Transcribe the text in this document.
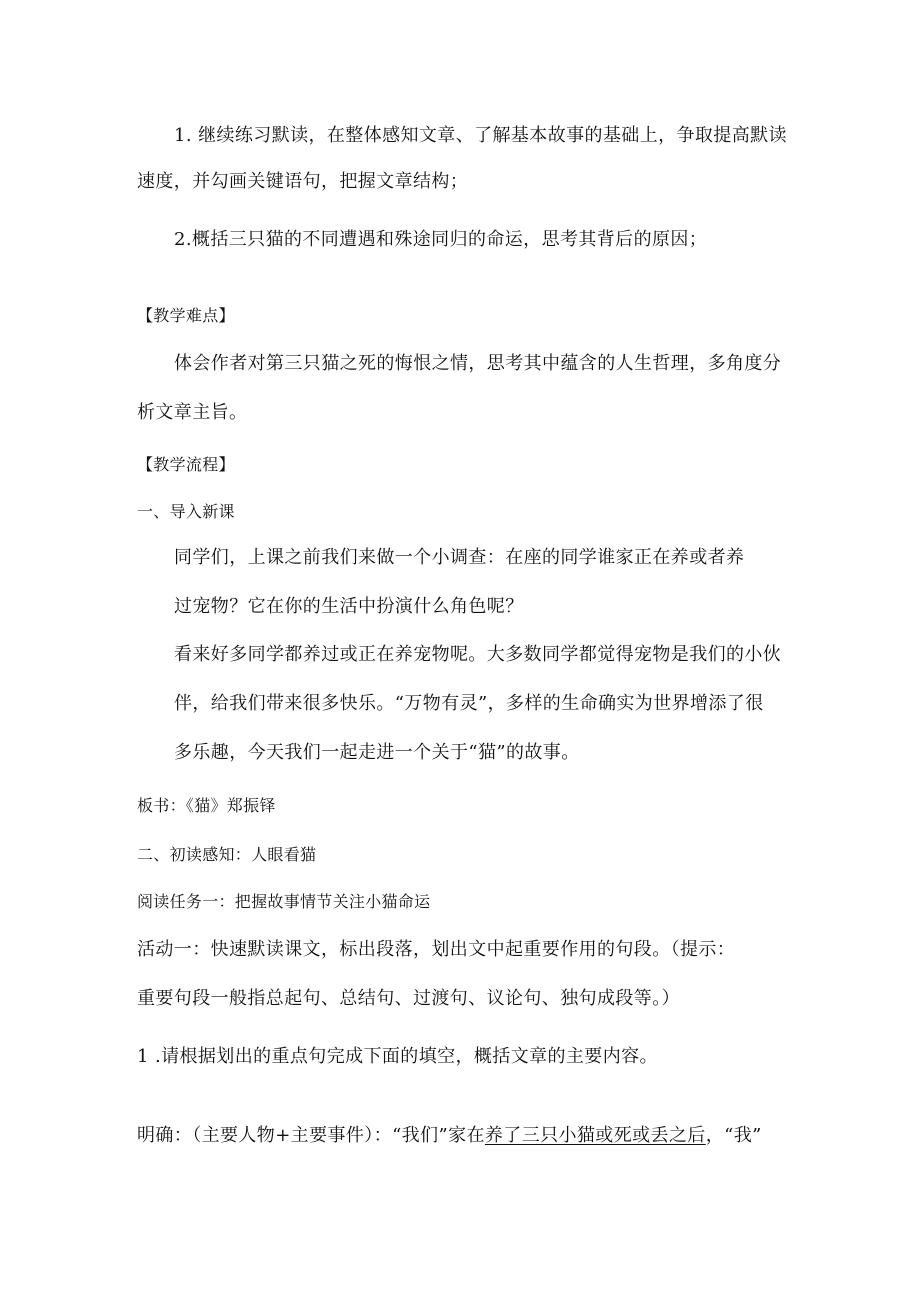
1. 继续练习默读，在整体感知文章、了解基本故事的基础上，争取提高默读
速度，并勾画关键语句，把握文章结构；
2.概括三只猫的不同遭遇和殊途同归的命运，思考其背后的原因；
【教学难点】
体会作者对第三只猫之死的悔恨之情，思考其中蕴含的人生哲理，多角度分
析文章主旨。
【教学流程】
一、导入新课
同学们，上课之前我们来做一个小调查：在座的同学谁家正在养或者养
过宠物？它在你的生活中扮演什么角色呢？
看来好多同学都养过或正在养宠物呢。大多数同学都觉得宠物是我们的小伙
伴，给我们带来很多快乐。“万物有灵”，多样的生命确实为世界增添了很
多乐趣，今天我们一起走进一个关于“猫”的故事。
板书：《猫》郑振铎
二、初读感知：人眼看猫
阅读任务一：把握故事情节关注小猫命运
活动一：快速默读课文，标出段落，划出文中起重要作用的句段。（提示：
重要句段一般指总起句、总结句、过渡句、议论句、独句成段等。）
1 .请根据划出的重点句完成下面的填空，概括文章的主要内容。
明确：（主要人物+主要事件）：“我们”家在养了三只小猫或死或丢之后，“我”
